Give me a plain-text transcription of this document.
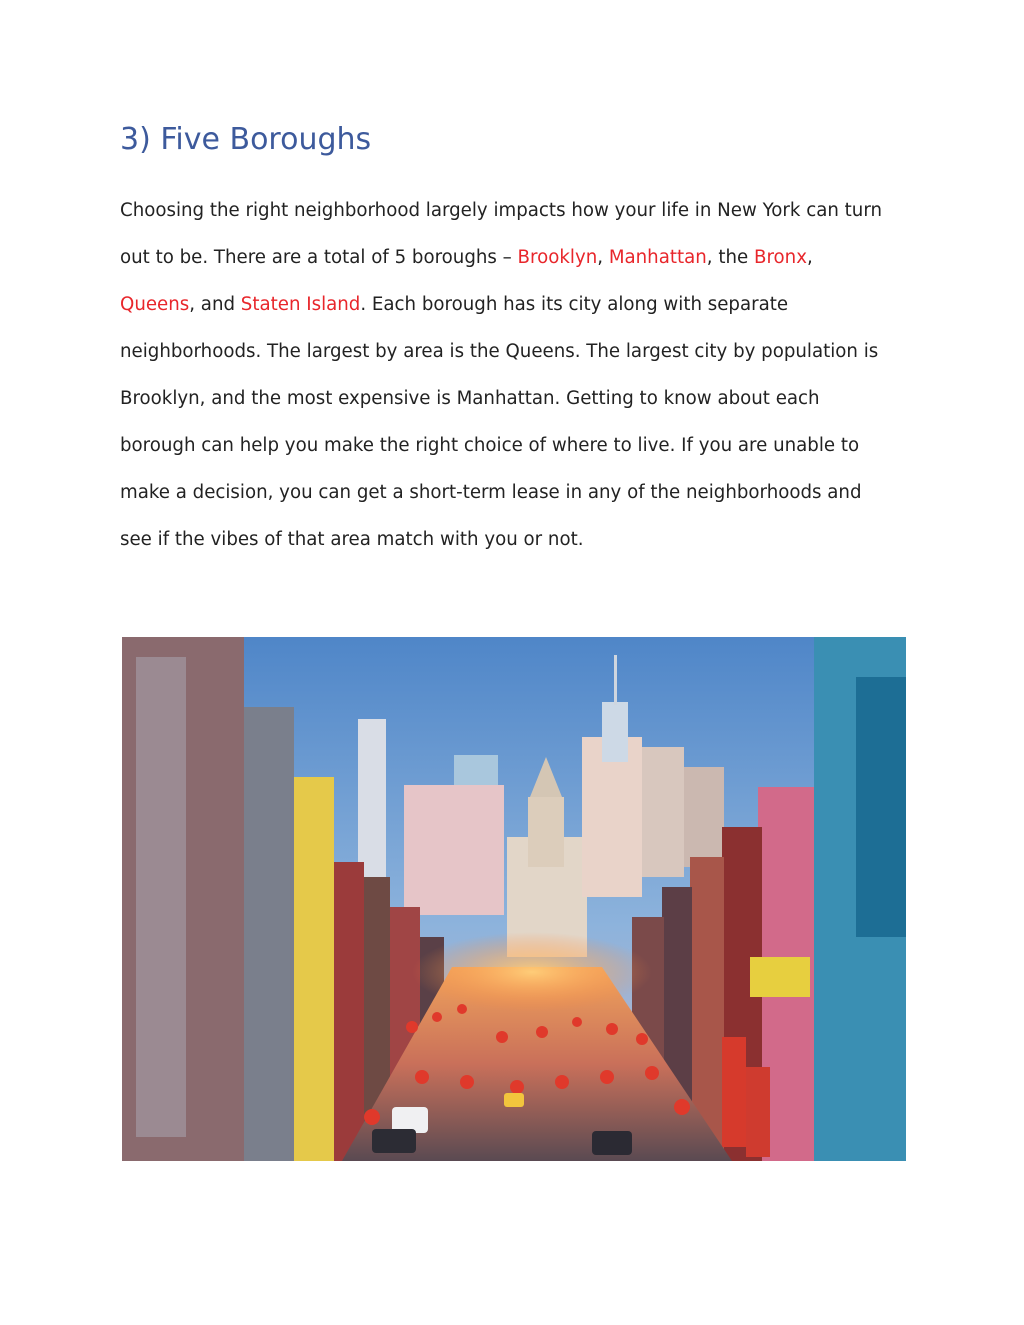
3) Five Boroughs
Choosing the right neighborhood largely impacts how your life in New York can turn
out to be. There are a total of 5 boroughs – Brooklyn, Manhattan, the Bronx,
Queens, and Staten Island. Each borough has its city along with separate
neighborhoods. The largest by area is the Queens. The largest city by population is
Brooklyn, and the most expensive is Manhattan. Getting to know about each
borough can help you make the right choice of where to live. If you are unable to
make a decision, you can get a short-term lease in any of the neighborhoods and
see if the vibes of that area match with you or not.
